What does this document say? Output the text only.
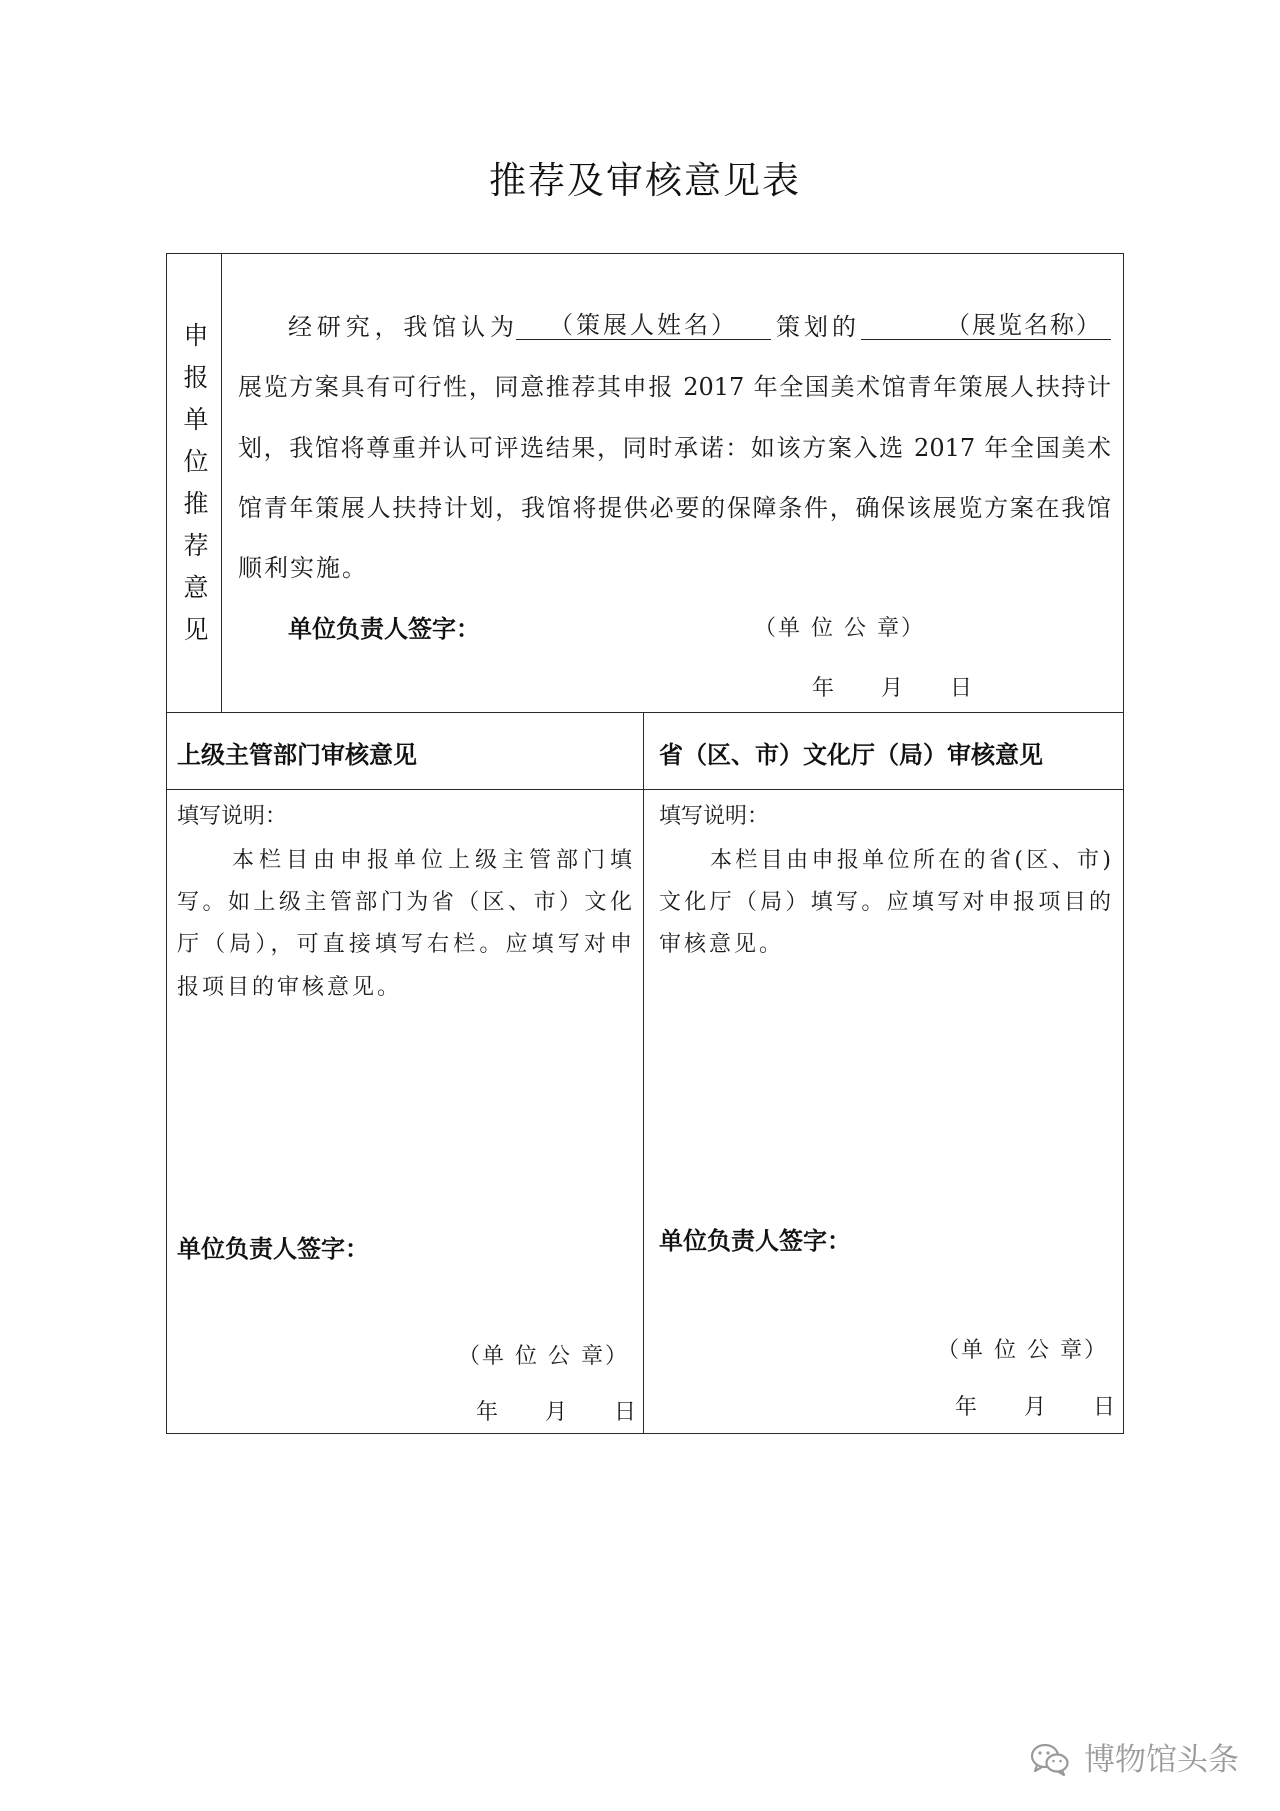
推荐及审核意见表
申报单位推荐意见	经研究，我馆认为	（策展人姓名）	策划的	（展览名称）
展览方案具有可行性，同意推荐其申报 2017 年全国美术馆青年策展人扶持计
划，我馆将尊重并认可评选结果，同时承诺：如该方案入选 2017 年全国美术
馆青年策展人扶持计划，我馆将提供必要的保障条件，确保该展览方案在我馆
顺利实施。
单位负责人签字：	（单 位 公 章）
年 月 日
上级主管部门审核意见	省（区、市）文化厅（局）审核意见
填写说明：
本栏目由申报单位上级主管部门填
写。如上级主管部门为省（区、市）文化
厅（局），可直接填写右栏。应填写对申
报项目的审核意见。
单位负责人签字：
（单 位 公 章）
年 月 日
填写说明：
本栏目由申报单位所在的省(区、市)
文化厅（局）填写。应填写对申报项目的
审核意见。
单位负责人签字：
（单 位 公 章）
年 月 日
博物馆头条
